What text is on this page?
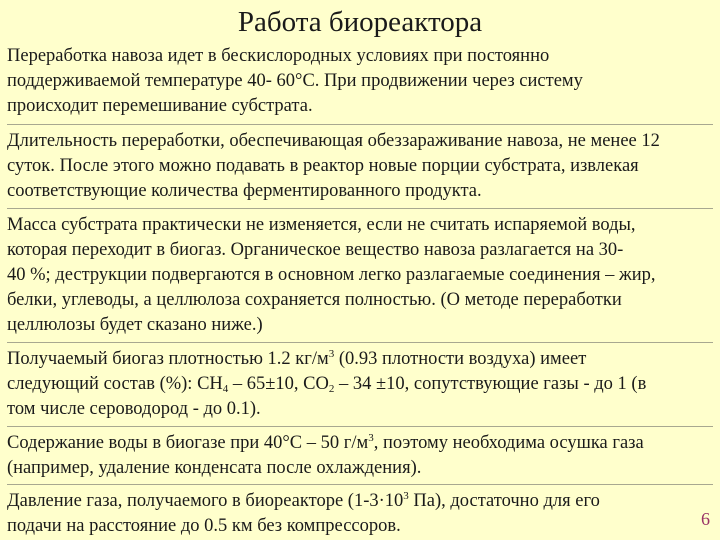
Работа биореактора

Переработка навоза идет в бескислородных условиях при постоянно
поддерживаемой температуре 40- 60°С. При продвижении через систему
происходит перемешивание субстрата.

Длительность переработки, обеспечивающая обеззараживание навоза, не менее 12
суток. После этого можно подавать в реактор новые порции субстрата, извлекая
соответствующие количества ферментированного продукта.

Масса субстрата практически не изменяется, если не считать испаряемой воды,
которая переходит в биогаз. Органическое вещество навоза разлагается на 30-
40 %; деструкции подвергаются в основном легко разлагаемые соединения – жир,
белки, углеводы, а целлюлоза сохраняется полностью. (О методе переработки
целлюлозы будет сказано ниже.)

Получаемый биогаз плотностью 1.2 $кг/м^3$ (0.93 плотности воздуха) имеет
следующий состав (%): $СН_4 - 65\pm 10$, $СО_2 - 34 \pm 10$, сопутствующие газы - до 1 (в
том числе сероводород - до 0.1).

Содержание воды в биогазе при 40°С – 50 $г/м^3$, поэтому необходима осушка газа
(например, удаление конденсата после охлаждения).

Давление газа, получаемого в биореакторе ($1-3\cdot 10^3$ Па), достаточно для его
подачи на расстояние до 0.5 км без компрессоров.	6
